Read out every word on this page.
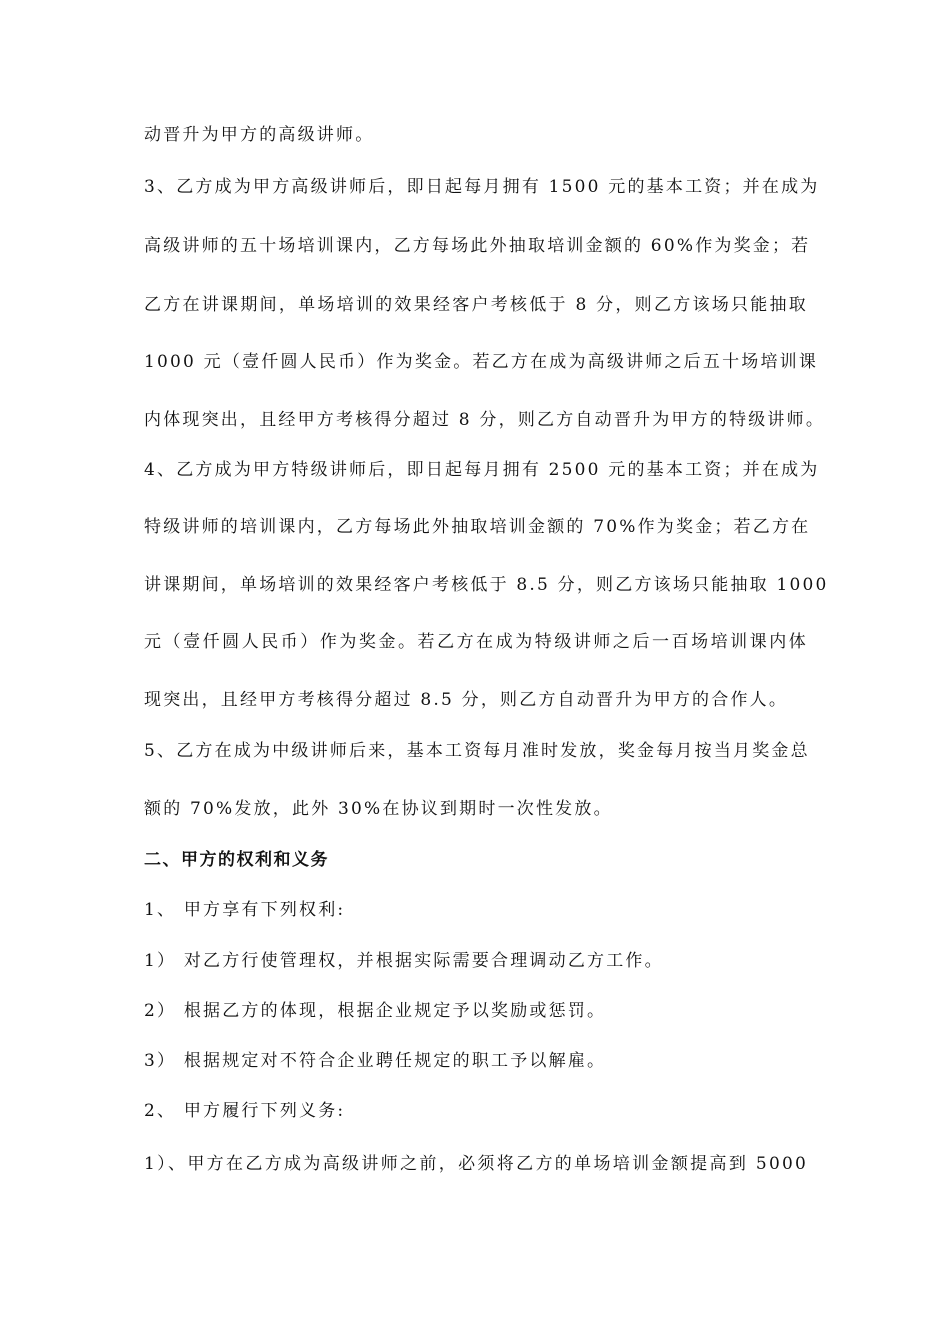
动晋升为甲方的高级讲师。
3、乙方成为甲方高级讲师后，即日起每月拥有 1500 元的基本工资；并在成为
高级讲师的五十场培训课内，乙方每场此外抽取培训金额的 60%作为奖金；若
乙方在讲课期间，单场培训的效果经客户考核低于 8 分，则乙方该场只能抽取
1000 元（壹仟圆人民币）作为奖金。若乙方在成为高级讲师之后五十场培训课
内体现突出，且经甲方考核得分超过 8 分，则乙方自动晋升为甲方的特级讲师。
4、乙方成为甲方特级讲师后，即日起每月拥有 2500 元的基本工资；并在成为
特级讲师的培训课内，乙方每场此外抽取培训金额的 70%作为奖金；若乙方在
讲课期间，单场培训的效果经客户考核低于 8.5 分，则乙方该场只能抽取 1000
元（壹仟圆人民币）作为奖金。若乙方在成为特级讲师之后一百场培训课内体
现突出，且经甲方考核得分超过 8.5 分，则乙方自动晋升为甲方的合作人。
5、乙方在成为中级讲师后来，基本工资每月准时发放，奖金每月按当月奖金总
额的 70%发放，此外 30%在协议到期时一次性发放。
二、甲方的权利和义务
1、 甲方享有下列权利:
1） 对乙方行使管理权，并根据实际需要合理调动乙方工作。
2） 根据乙方的体现，根据企业规定予以奖励或惩罚。
3） 根据规定对不符合企业聘任规定的职工予以解雇。
2、 甲方履行下列义务:
1）、甲方在乙方成为高级讲师之前，必须将乙方的单场培训金额提高到 5000
